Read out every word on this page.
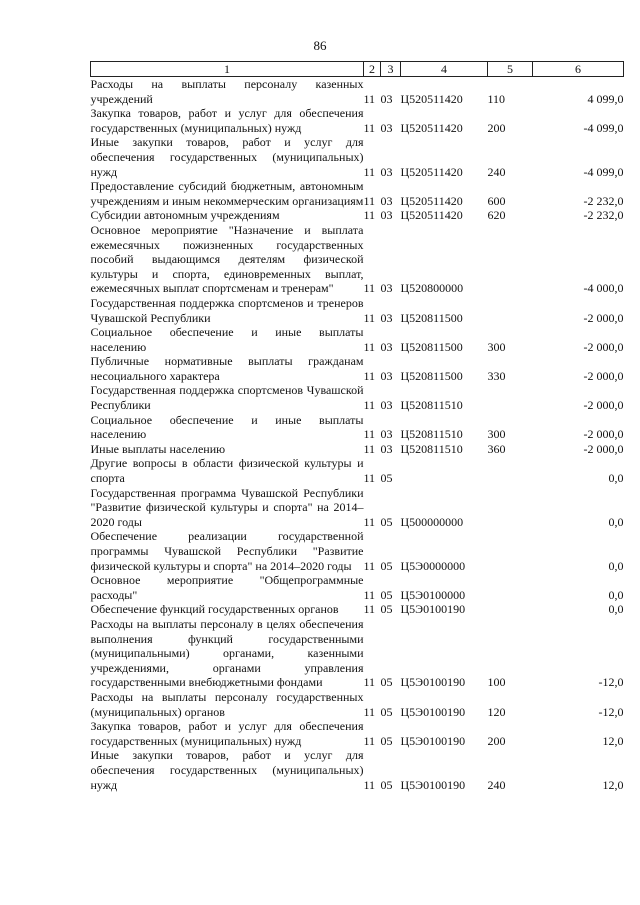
86
1	2	3	4	5	6
Расходы на выплаты персоналу казенных учреждений	11	03	Ц520511420	110	4 099,0
Закупка товаров, работ и услуг для обеспечения государственных (муниципальных) нужд	11	03	Ц520511420	200	-4 099,0
Иные закупки товаров, работ и услуг для обеспечения государственных (муниципальных) нужд	11	03	Ц520511420	240	-4 099,0
Предоставление субсидий бюджетным, автономным учреждениям и иным некоммерческим организациям	11	03	Ц520511420	600	-2 232,0
Субсидии автономным учреждениям	11	03	Ц520511420	620	-2 232,0
Основное мероприятие "Назначение и выплата ежемесячных пожизненных государственных пособий выдающимся деятелям физической культуры и спорта, единовременных выплат, ежемесячных выплат спортсменам и тренерам"	11	03	Ц520800000		-4 000,0
Государственная поддержка спортсменов и тренеров Чувашской Республики	11	03	Ц520811500		-2 000,0
Социальное обеспечение и иные выплаты населению	11	03	Ц520811500	300	-2 000,0
Публичные нормативные выплаты гражданам несоциального характера	11	03	Ц520811500	330	-2 000,0
Государственная поддержка спортсменов Чувашской Республики	11	03	Ц520811510		-2 000,0
Социальное обеспечение и иные выплаты населению	11	03	Ц520811510	300	-2 000,0
Иные выплаты населению	11	03	Ц520811510	360	-2 000,0
Другие вопросы в области физической культуры и спорта	11	05			0,0
Государственная программа Чувашской Республики "Развитие физической культуры и спорта" на 2014–2020 годы	11	05	Ц500000000		0,0
Обеспечение реализации государственной программы Чувашской Республики "Развитие физической культуры и спорта" на 2014–2020 годы	11	05	Ц5Э0000000		0,0
Основное мероприятие "Общепрограммные расходы"	11	05	Ц5Э0100000		0,0
Обеспечение функций государственных органов	11	05	Ц5Э0100190		0,0
Расходы на выплаты персоналу в целях обеспечения выполнения функций государственными (муниципальными) органами, казенными учреждениями, органами управления государственными внебюджетными фондами	11	05	Ц5Э0100190	100	-12,0
Расходы на выплаты персоналу государственных (муниципальных) органов	11	05	Ц5Э0100190	120	-12,0
Закупка товаров, работ и услуг для обеспечения государственных (муниципальных) нужд	11	05	Ц5Э0100190	200	12,0
Иные закупки товаров, работ и услуг для обеспечения государственных (муниципальных) нужд	11	05	Ц5Э0100190	240	12,0
